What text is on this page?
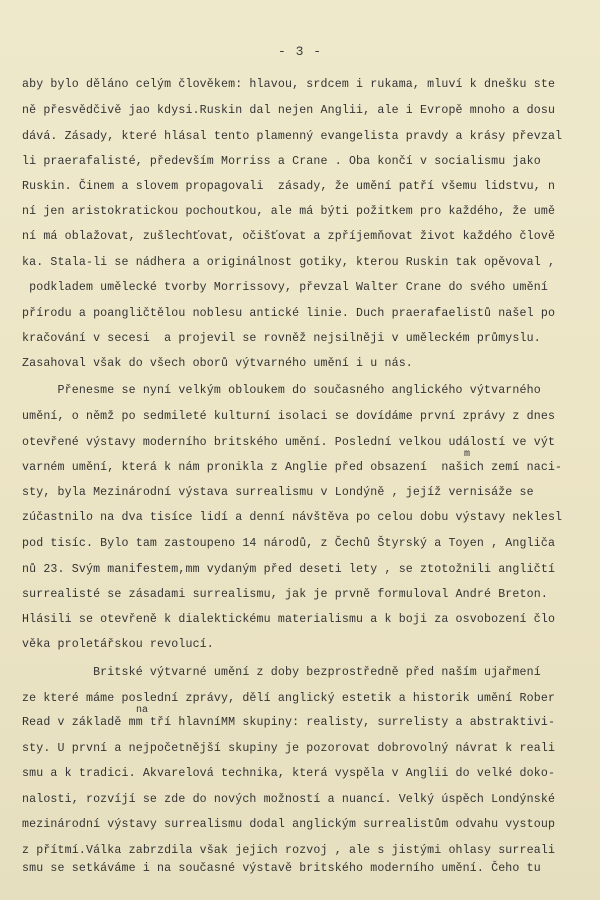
- 3 -
aby bylo děláno celým člověkem: hlavou, srdcem i rukama, mluví k dnešku ste
ně přesvědčivě jao kdysi.Ruskin dal nejen Anglii, ale i Evropě mnoho a dosu
dává. Zásady, které hlásal tento plamenný evangelista pravdy a krásy převzal
li praerafalisté, především Morriss a Crane . Oba končí v socialismu jako
Ruskin. Činem a slovem propagovali  zásady, že umění patří všemu lidstvu, n
ní jen aristokratickou pochoutkou, ale má býti požitkem pro každého, že umě
ní má oblažovat, zušlechťovat, očišťovat a zpříjemňovat život každého člově
ka. Stala-li se nádhera a originálnost gotiky, kterou Ruskin tak opěvoval ,
podkladem umělecké tvorby Morrissovy, převzal Walter Crane do svého umění
přírodu a poangličtělou noblesu antické linie. Duch praerafaelistů našel po
kračování v secesi  a projevil se rovněž nejsilněji v uměleckém průmyslu.
Zasahoval však do všech oborů výtvarného umění i u nás.
Přenesme se nyní velkým obloukem do současného anglického výtvarného
umění, o němž po sedmileté kulturní isolaci se dovídáme první zprávy z dnes
otevřené výstavy moderního britského umění. Poslední velkou událostí ve výt
m
varném umění, která k nám pronikla z Anglie před obsazení  našich zemí naci-
sty, byla Mezinárodní výstava surrealismu v Londýně , jejíž vernisáže se
zúčastnilo na dva tisíce lidí a denní návštěva po celou dobu výstavy neklesl
pod tisíc. Bylo tam zastoupeno 14 národů, z Čechů Štyrský a Toyen , Angliča
nů 23. Svým manifestem,mm vydaným před deseti lety , se ztotožnili angličtí
surrealisté se zásadami surrealismu, jak je prvně formuloval André Breton.
Hlásili se otevřeně k dialektickému materialismu a k boji za osvobození člo
věka proletářskou revolucí.
Britské výtvarné umění z doby bezprostředně před naším ujařmení
ze které máme poslední zprávy, dělí anglický estetik a historik umění Rober
na
Read v základě mm tří hlavníMM skupiny: realisty, surrelisty a abstraktivi-
sty. U první a nejpočetnější skupiny je pozorovat dobrovolný návrat k reali
smu a k tradici. Akvarelová technika, která vyspěla v Anglii do velké doko-
nalosti, rozvíjí se zde do nových možností a nuancí. Velký úspěch Londýnské
mezinárodní výstavy surrealismu dodal anglickým surrealistům odvahu vystoup
z přítmí.Válka zabrzdila však jejich rozvoj , ale s jistými ohlasy surreali
smu se setkáváme i na současné výstavě britského moderního umění. Čeho tu
